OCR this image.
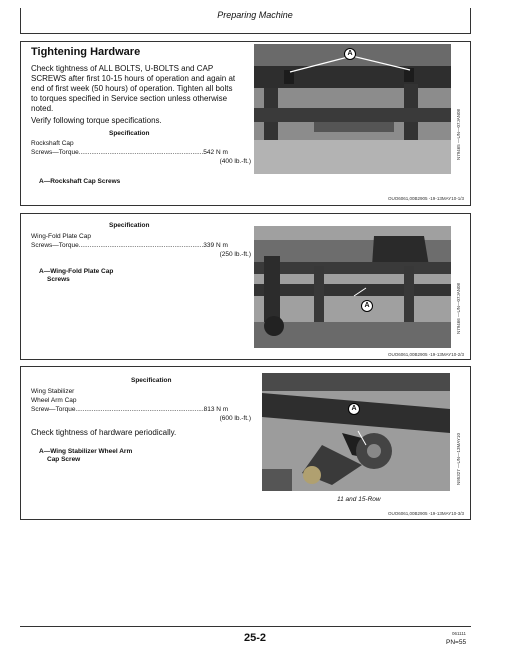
Preparing Machine
Tightening Hardware
Check tightness of ALL BOLTS, U-BOLTS and CAP
SCREWS after first 10-15 hours of operation and again at
end of first week (50 hours) of operation. Tighten all bolts
to torques specified in Service section unless otherwise
noted.
Verify following torque specifications.
Specification
Rockshaft Cap
Screws—Torque.....................................................................542 N m
(400 lb.-ft.)
A—Rockshaft Cap Screws
A
N79465 —UN—07JAN08
OUO6061,00B2905 -19-13MAY10-1/3
Specification
Wing-Fold Plate Cap
Screws—Torque.....................................................................339 N m
(250 lb.-ft.)
A—Wing-Fold Plate Cap
Screws
A	N79466 —UN—07JAN08
OUO6061,00B2905 -19-13MAY10-2/3
Specification
Wing Stabilizer
Wheel Arm Cap
Screw—Torque.......................................................................813 N m
(600 lb.-ft.)
Check tightness of hardware periodically.
A—Wing Stabilizer Wheel Arm
Cap Screw
A
N95327 —UN—13MAY10
11 and 15-Row
OUO6061,00B2905 -19-13MAY10-3/3
25-2	061111
PN=55
